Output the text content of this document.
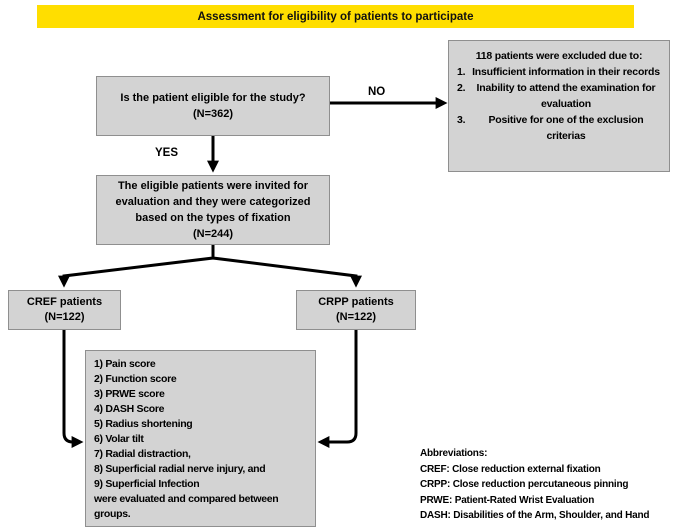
Assessment for eligibility of patients to participate
Is the patient eligible for the study?
(N=362)
NO
YES
118 patients were excluded due to:
1. Insufficient information in their records
2.	Inability to attend the examination for evaluation
3.	Positive for one of the exclusion criterias
The eligible patients were invited for
evaluation and they were categorized
based on the types of fixation
(N=244)
CREF patients
(N=122)
CRPP patients
(N=122)
1) Pain score
2) Function score
3) PRWE score
4) DASH Score
5) Radius shortening
6) Volar tilt
7) Radial distraction,
8) Superficial radial nerve injury, and
9) Superficial Infection
were evaluated and compared between groups.
Abbreviations:
CREF: Close reduction external fixation
CRPP: Close reduction percutaneous pinning
PRWE: Patient-Rated Wrist Evaluation
DASH: Disabilities of the Arm, Shoulder, and Hand
